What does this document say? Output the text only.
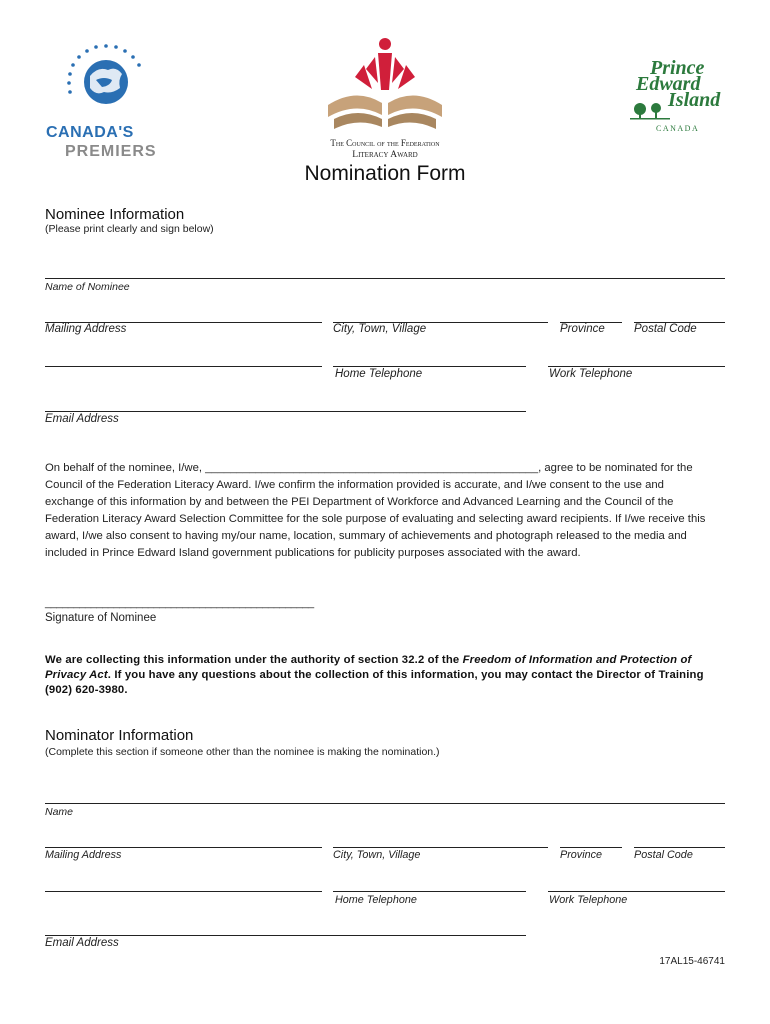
CANADA'S
PREMIERS	The Council of the Federation
Literacy Award
Prince
Edward
Island
CANADA
Nomination Form
Nominee Information
(Please print clearly and sign below)
Name of Nominee
Mailing Address	City, Town, Village	Province	Postal Code
Home Telephone	Work Telephone
Email Address
On behalf of the nominee, I/we, _____________________________________________________, agree to be nominated for the Council of the Federation Literacy Award. I/we confirm the information provided is accurate, and I/we consent to the use and exchange of this information by and between the PEI Department of Workforce and Advanced Learning and the Council of the Federation Literacy Award Selection Committee for the sole purpose of evaluating and selecting award recipients. If I/we receive this award, I/we also consent to having my/our name, location, summary of achievements and photograph released to the media and included in Prince Edward Island government publications for publicity purposes associated with the award.
_______________________________________________
Signature of Nominee
We are collecting this information under the authority of section 32.2 of the Freedom of Information and Protection of Privacy Act. If you have any questions about the collection of this information, you may contact the Director of Training (902) 620-3980.
Nominator Information
(Complete this section if someone other than the nominee is making the nomination.)
Name
Mailing Address	City, Town, Village	Province	Postal Code
Home Telephone	Work Telephone
Email Address
17AL15-46741
